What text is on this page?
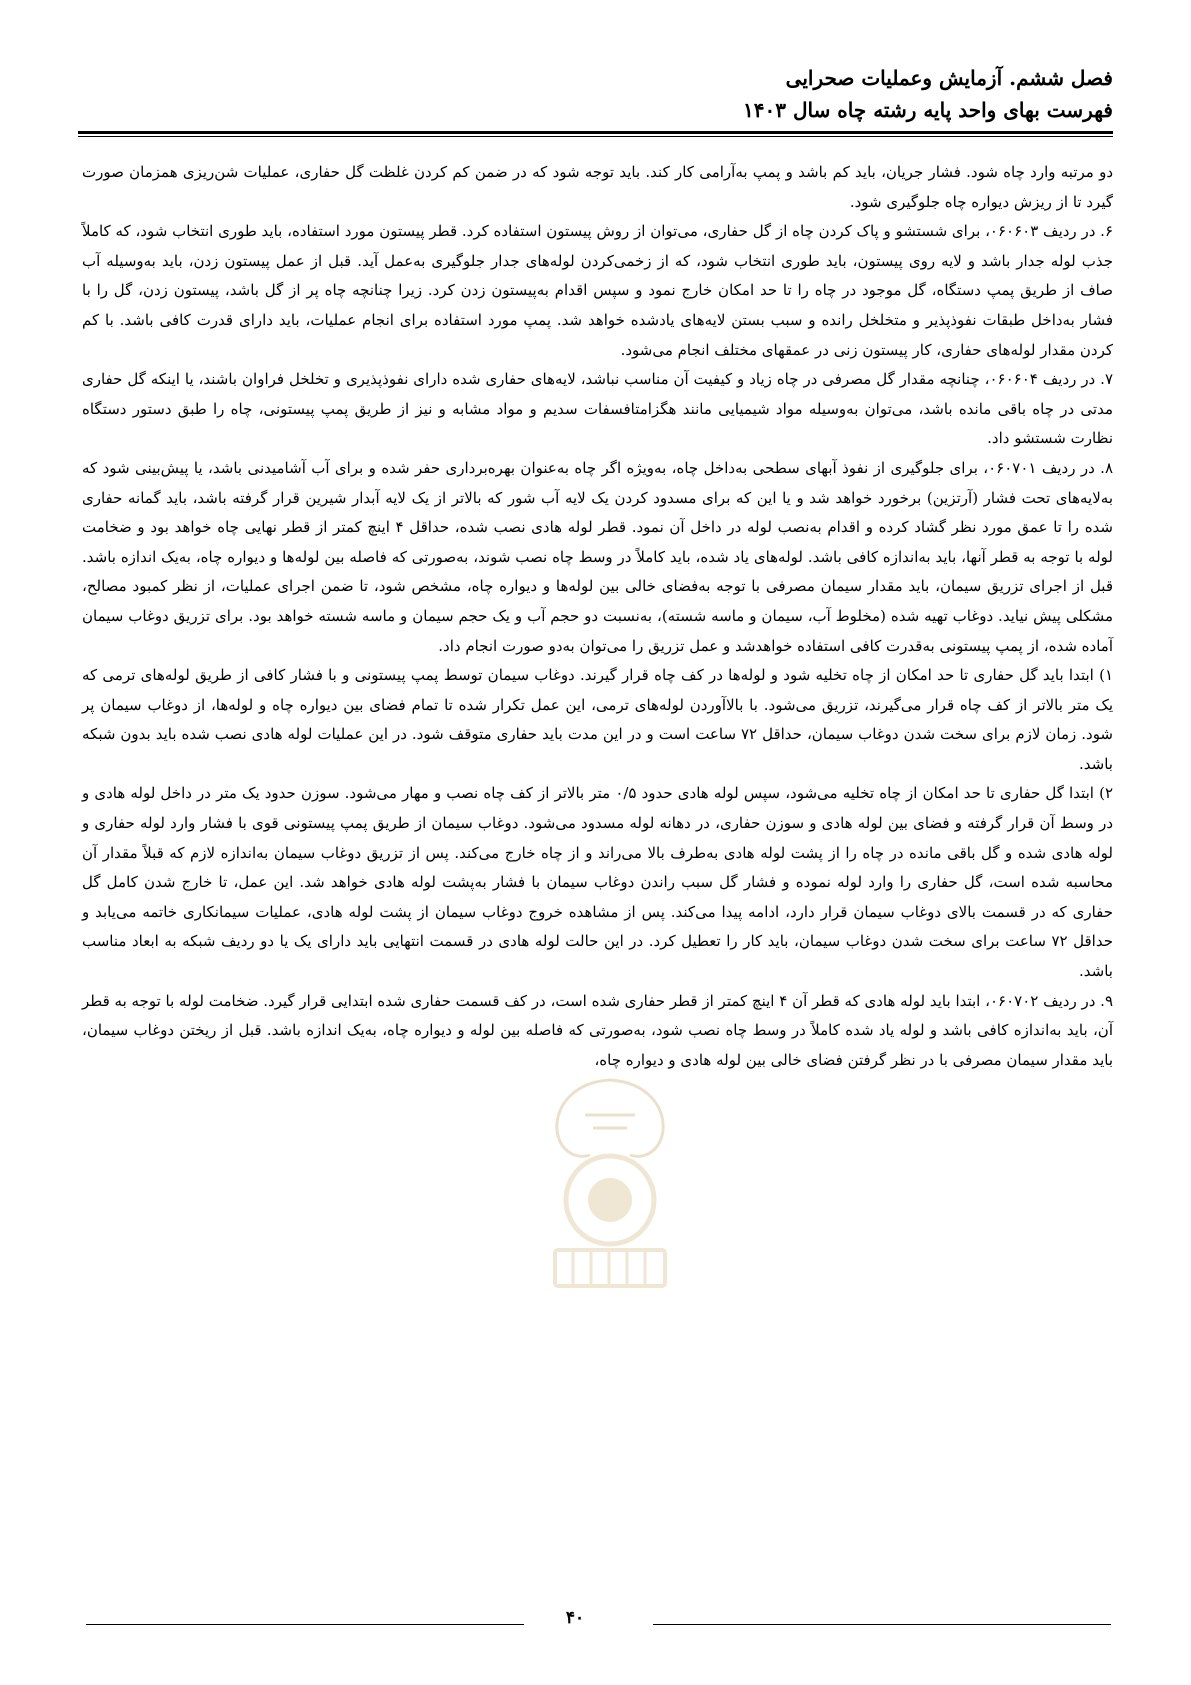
فصل ششم. آزمایش وعملیات صحرایی
فهرست بهای واحد پایه رشته چاه سال ۱۴۰۳

دو مرتبه وارد چاه شود. فشار جریان، باید کم باشد و پمپ به‌آرامی کار کند. باید توجه شود که در ضمن کم کردن غلظت گل حفاری، عملیات شن‌ریزی همزمان صورت گیرد تا از ریزش دیواره چاه جلوگیری شود.

۶. در ردیف ۰۶۰۶۰۳، برای شستشو و پاک کردن چاه از گل حفاری، می‌توان از روش پیستون استفاده کرد. قطر پیستون مورد استفاده، باید طوری انتخاب شود، که کاملاً جذب لوله جدار باشد و لایه روی پیستون، باید طوری انتخاب شود، که از زخمی‌کردن لوله‌های جدار جلوگیری به‌عمل آید. قبل از عمل پیستون زدن، باید به‌وسیله آب صاف از طریق پمپ دستگاه، گل موجود در چاه را تا حد امکان خارج نمود و سپس اقدام به‌پیستون زدن کرد. زیرا چنانچه چاه پر از گل باشد، پیستون زدن، گل را با فشار به‌داخل طبقات نفوذپذیر و متخلخل رانده و سبب بستن لایه‌های یادشده خواهد شد. پمپ مورد استفاده برای انجام عملیات، باید دارای قدرت کافی باشد. با کم کردن مقدار لوله‌های حفاری، کار پیستون زنی در عمقهای مختلف انجام می‌شود.

۷. در ردیف ۰۶۰۶۰۴، چنانچه مقدار گل مصرفی در چاه زیاد و کیفیت آن مناسب نباشد، لایه‌های حفاری شده دارای نفوذپذیری و تخلخل فراوان باشند، یا اینکه گل حفاری مدتی در چاه باقی مانده باشد، می‌توان به‌وسیله مواد شیمیایی مانند هگزامتافسفات سدیم و مواد مشابه و نیز از طریق پمپ پیستونی، چاه را طبق دستور دستگاه نظارت شستشو داد.

۸. در ردیف ۰۶۰۷۰۱، برای جلوگیری از نفوذ آبهای سطحی به‌داخل چاه، به‌ویژه اگر چاه به‌عنوان بهره‌برداری حفر شده و برای آب آشامیدنی باشد، یا پیش‌بینی شود که به‌لایه‌های تحت فشار (آرتزین) برخورد خواهد شد و یا این که برای مسدود کردن یک لایه آب شور که بالاتر از یک لایه آبدار شیرین قرار گرفته باشد، باید گمانه حفاری شده را تا عمق مورد نظر گشاد کرده و اقدام به‌نصب لوله در داخل آن نمود. قطر لوله هادی نصب شده، حداقل ۴ اینچ کمتر از قطر نهایی چاه خواهد بود و ضخامت لوله با توجه به قطر آنها، باید به‌اندازه کافی باشد. لوله‌های یاد شده، باید کاملاً در وسط چاه نصب شوند، به‌صورتی که فاصله بین لوله‌ها و دیواره چاه، به‌یک اندازه باشد. قبل از اجرای تزریق سیمان، باید مقدار سیمان مصرفی با توجه به‌فضای خالی بین لوله‌ها و دیواره چاه، مشخص شود، تا ضمن اجرای عملیات، از نظر کمبود مصالح، مشکلی پیش نیاید. دوغاب تهیه شده (مخلوط آب، سیمان و ماسه شسته)، به‌نسبت دو حجم آب و یک حجم سیمان و ماسه شسته خواهد بود. برای تزریق دوغاب سیمان آماده شده، از پمپ پیستونی به‌قدرت کافی استفاده خواهدشد و عمل تزریق را می‌توان به‌دو صورت انجام داد.

۱) ابتدا باید گل حفاری تا حد امکان از چاه تخلیه شود و لوله‌ها در کف چاه قرار گیرند. دوغاب سیمان توسط پمپ پیستونی و با فشار کافی از طریق لوله‌های ترمی که یک متر بالاتر از کف چاه قرار می‌گیرند، تزریق می‌شود. با بالاآوردن لوله‌های ترمی، این عمل تکرار شده تا تمام فضای بین دیواره چاه و لوله‌ها، از دوغاب سیمان پر شود. زمان لازم برای سخت شدن دوغاب سیمان، حداقل ۷۲ ساعت است و در این مدت باید حفاری متوقف شود. در این عملیات لوله هادی نصب شده باید بدون شبکه باشد.

۲) ابتدا گل حفاری تا حد امکان از چاه تخلیه می‌شود، سپس لوله هادی حدود ۰/۵ متر بالاتر از کف چاه نصب و مهار می‌شود. سوزن حدود یک متر در داخل لوله هادی و در وسط آن قرار گرفته و فضای بین لوله هادی و سوزن حفاری، در دهانه لوله مسدود می‌شود. دوغاب سیمان از طریق پمپ پیستونی قوی با فشار وارد لوله حفاری و لوله هادی شده و گل باقی مانده در چاه را از پشت لوله هادی به‌طرف بالا می‌راند و از چاه خارج می‌کند. پس از تزریق دوغاب سیمان به‌اندازه لازم که قبلاً مقدار آن محاسبه شده است، گل حفاری را وارد لوله نموده و فشار گل سبب راندن دوغاب سیمان با فشار به‌پشت لوله هادی خواهد شد. این عمل، تا خارج شدن کامل گل حفاری که در قسمت بالای دوغاب سیمان قرار دارد، ادامه پیدا می‌کند. پس از مشاهده خروج دوغاب سیمان از پشت لوله هادی، عملیات سیمانکاری خاتمه می‌یابد و حداقل ۷۲ ساعت برای سخت شدن دوغاب سیمان، باید کار را تعطیل کرد. در این حالت لوله هادی در قسمت انتهایی باید دارای یک یا دو ردیف شبکه به ابعاد مناسب باشد.

۹. در ردیف ۰۶۰۷۰۲، ابتدا باید لوله هادی که قطر آن ۴ اینچ کمتر از قطر حفاری شده است، در کف قسمت حفاری شده ابتدایی قرار گیرد. ضخامت لوله با توجه به قطر آن، باید به‌اندازه کافی باشد و لوله یاد شده کاملاً در وسط چاه نصب شود، به‌صورتی که فاصله بین لوله و دیواره چاه، به‌یک اندازه باشد. قبل از ریختن دوغاب سیمان، باید مقدار سیمان مصرفی با در نظر گرفتن فضای خالی بین لوله هادی و دیواره چاه،

۴۰
